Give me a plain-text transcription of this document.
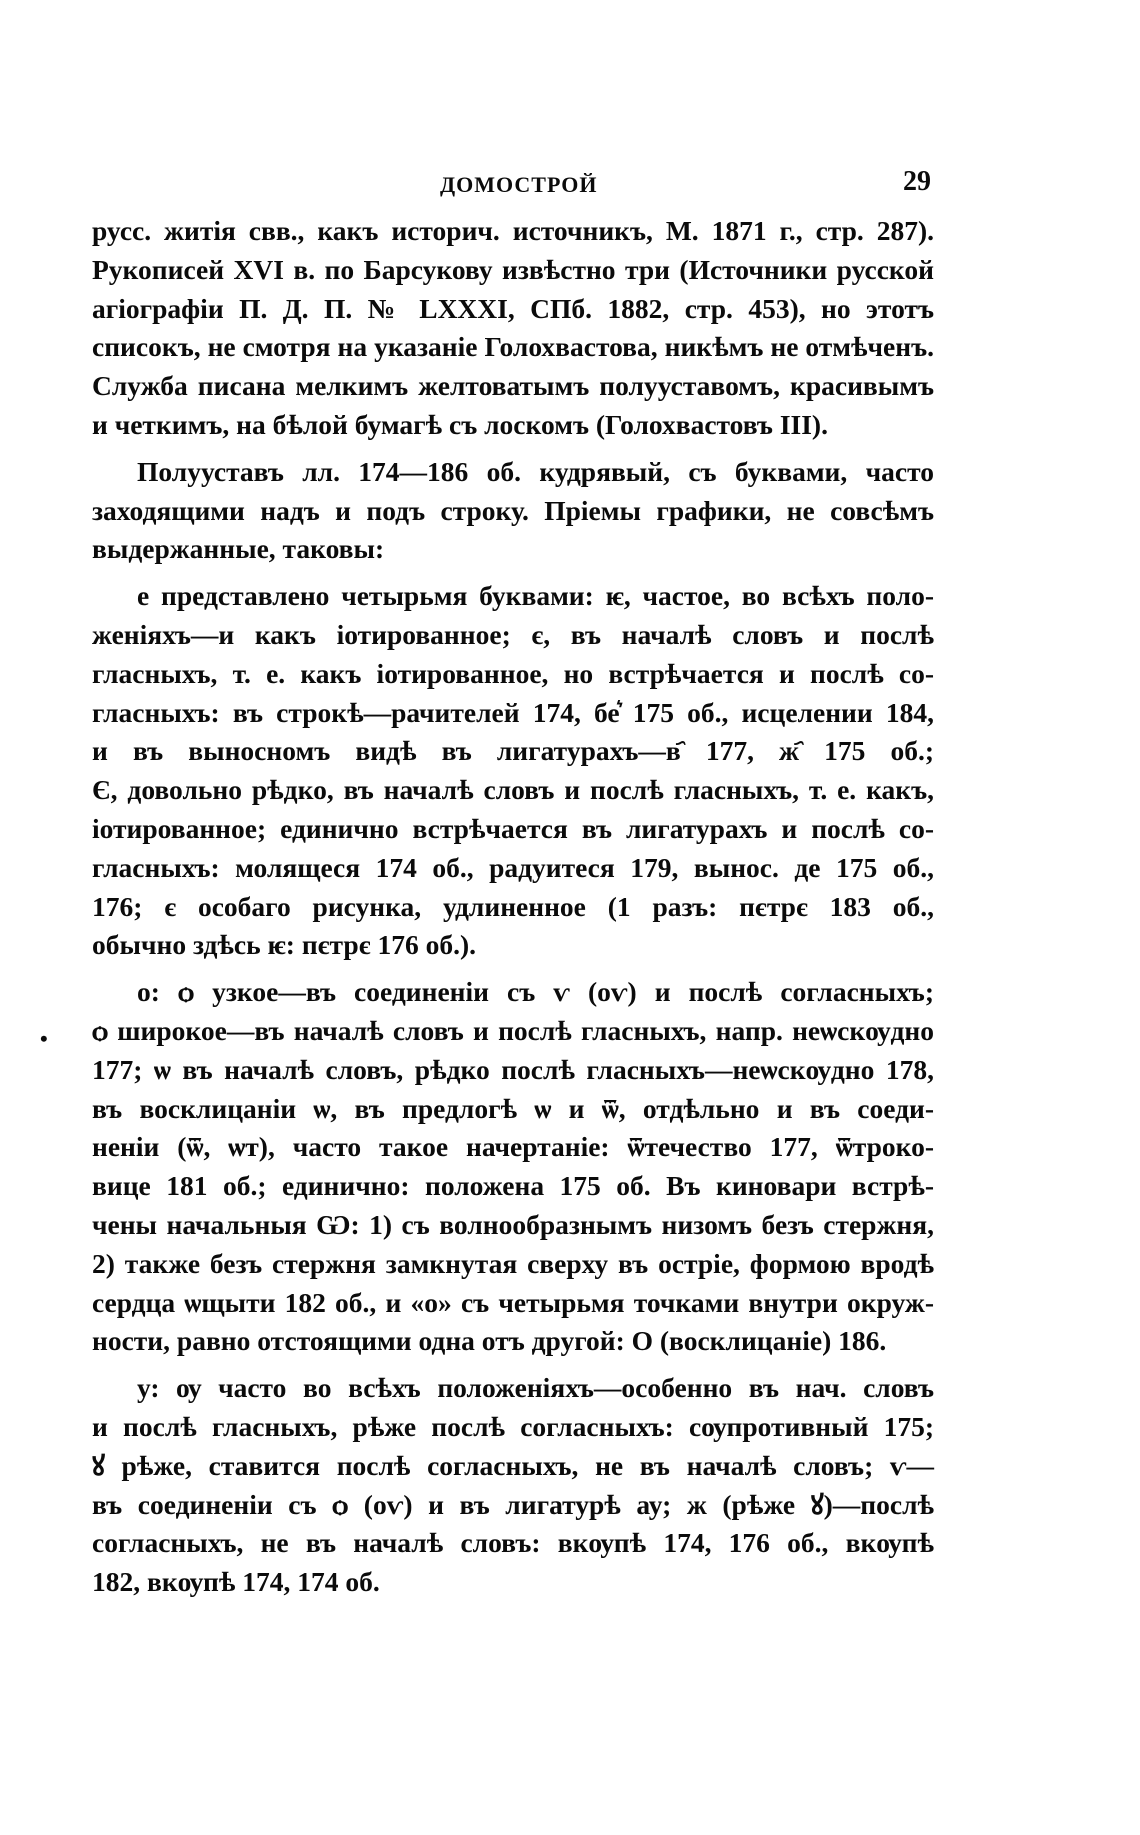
ДОМОСТРОЙ	29
•
русс. житія свв., какъ историч. источникъ, М. 1871 г., стр. 287).
Рукописей XVI в. по Барсукову извѣстно три (Источники русской
агіографіи П. Д. П. № LXXXI, СПб. 1882, стр. 453), но этотъ
списокъ, не смотря на указаніе Голохвастова, никѣмъ не отмѣченъ.
Служба писана мелкимъ желтоватымъ полууставомъ, красивымъ
и четкимъ, на бѣлой бумагѣ съ лоскомъ (Голохвастовъ III).
Полууставъ лл. 174—186 об. кудрявый, съ буквами, часто
заходящими надъ и подъ строку. Пріемы графики, не совсѣмъ
выдержанные, таковы:
е представлено четырьмя буквами: ѥ, частое, во всѣхъ поло-
женіяхъ—и какъ іотированное; є, въ началѣ словъ и послѣ
гласныхъ, т. е. какъ іотированное, но встрѣчается и послѣ со-
гласныхъ: въ строкѣ—рачителей 174, бе͛ 175 об., исцелении 184,
и въ выносномъ видѣ въ лигатурахъ—в҄ 177, ж҄ 175 об.;
Є, довольно рѣдко, въ началѣ словъ и послѣ гласныхъ, т. е. какъ,
іотированное; единично встрѣчается въ лигатурахъ и послѣ со-
гласныхъ: молящеся 174 об., радуитеся 179, вынос. де 175 об.,
176; є особаго рисунка, удлиненное (1 разъ: пєтрє 183 об.,
обычно здѣсь ѥ: пєтрє 176 об.).
о: ѻ узкое—въ соединеніи съ ѵ (оѵ) и послѣ согласныхъ;
ѻ широкое—въ началѣ словъ и послѣ гласныхъ, напр. неѡскѹдно
177; ѡ въ началѣ словъ, рѣдко послѣ гласныхъ—неѡскѹдно 178,
въ восклицаніи ѡ, въ предлогѣ ѡ и ѿ, отдѣльно и въ соеди-
неніи (ѿ, ѡт), часто такое начертаніе: ѿтечество 177, ѿтроко-
вице 181 об.; единично: положена 175 об. Въ киновари встрѣ-
чены начальныя Ѡ: 1) съ волнообразнымъ низомъ безъ стержня,
2) также безъ стержня замкнутая сверху въ остріе, формою вродѣ
сердца ѡщыти 182 об., и «о» съ четырьмя точками внутри окруж-
ности, равно отстоящими одна отъ другой: О (восклицаніе) 186.
у: ѹ часто во всѣхъ положеніяхъ—особенно въ нач. словъ
и послѣ гласныхъ, рѣже послѣ согласныхъ: сѹпротивный 175;
ꙋ рѣже, ставится послѣ согласныхъ, не въ началѣ словъ; ѵ—
въ соединеніи съ ѻ (оѵ) и въ лигатурѣ ау; ж (рѣже ꙋ)—послѣ
согласныхъ, не въ началѣ словъ: вкѹпѣ 174, 176 об., вкѹпѣ
182, вкѹпѣ 174, 174 об.
